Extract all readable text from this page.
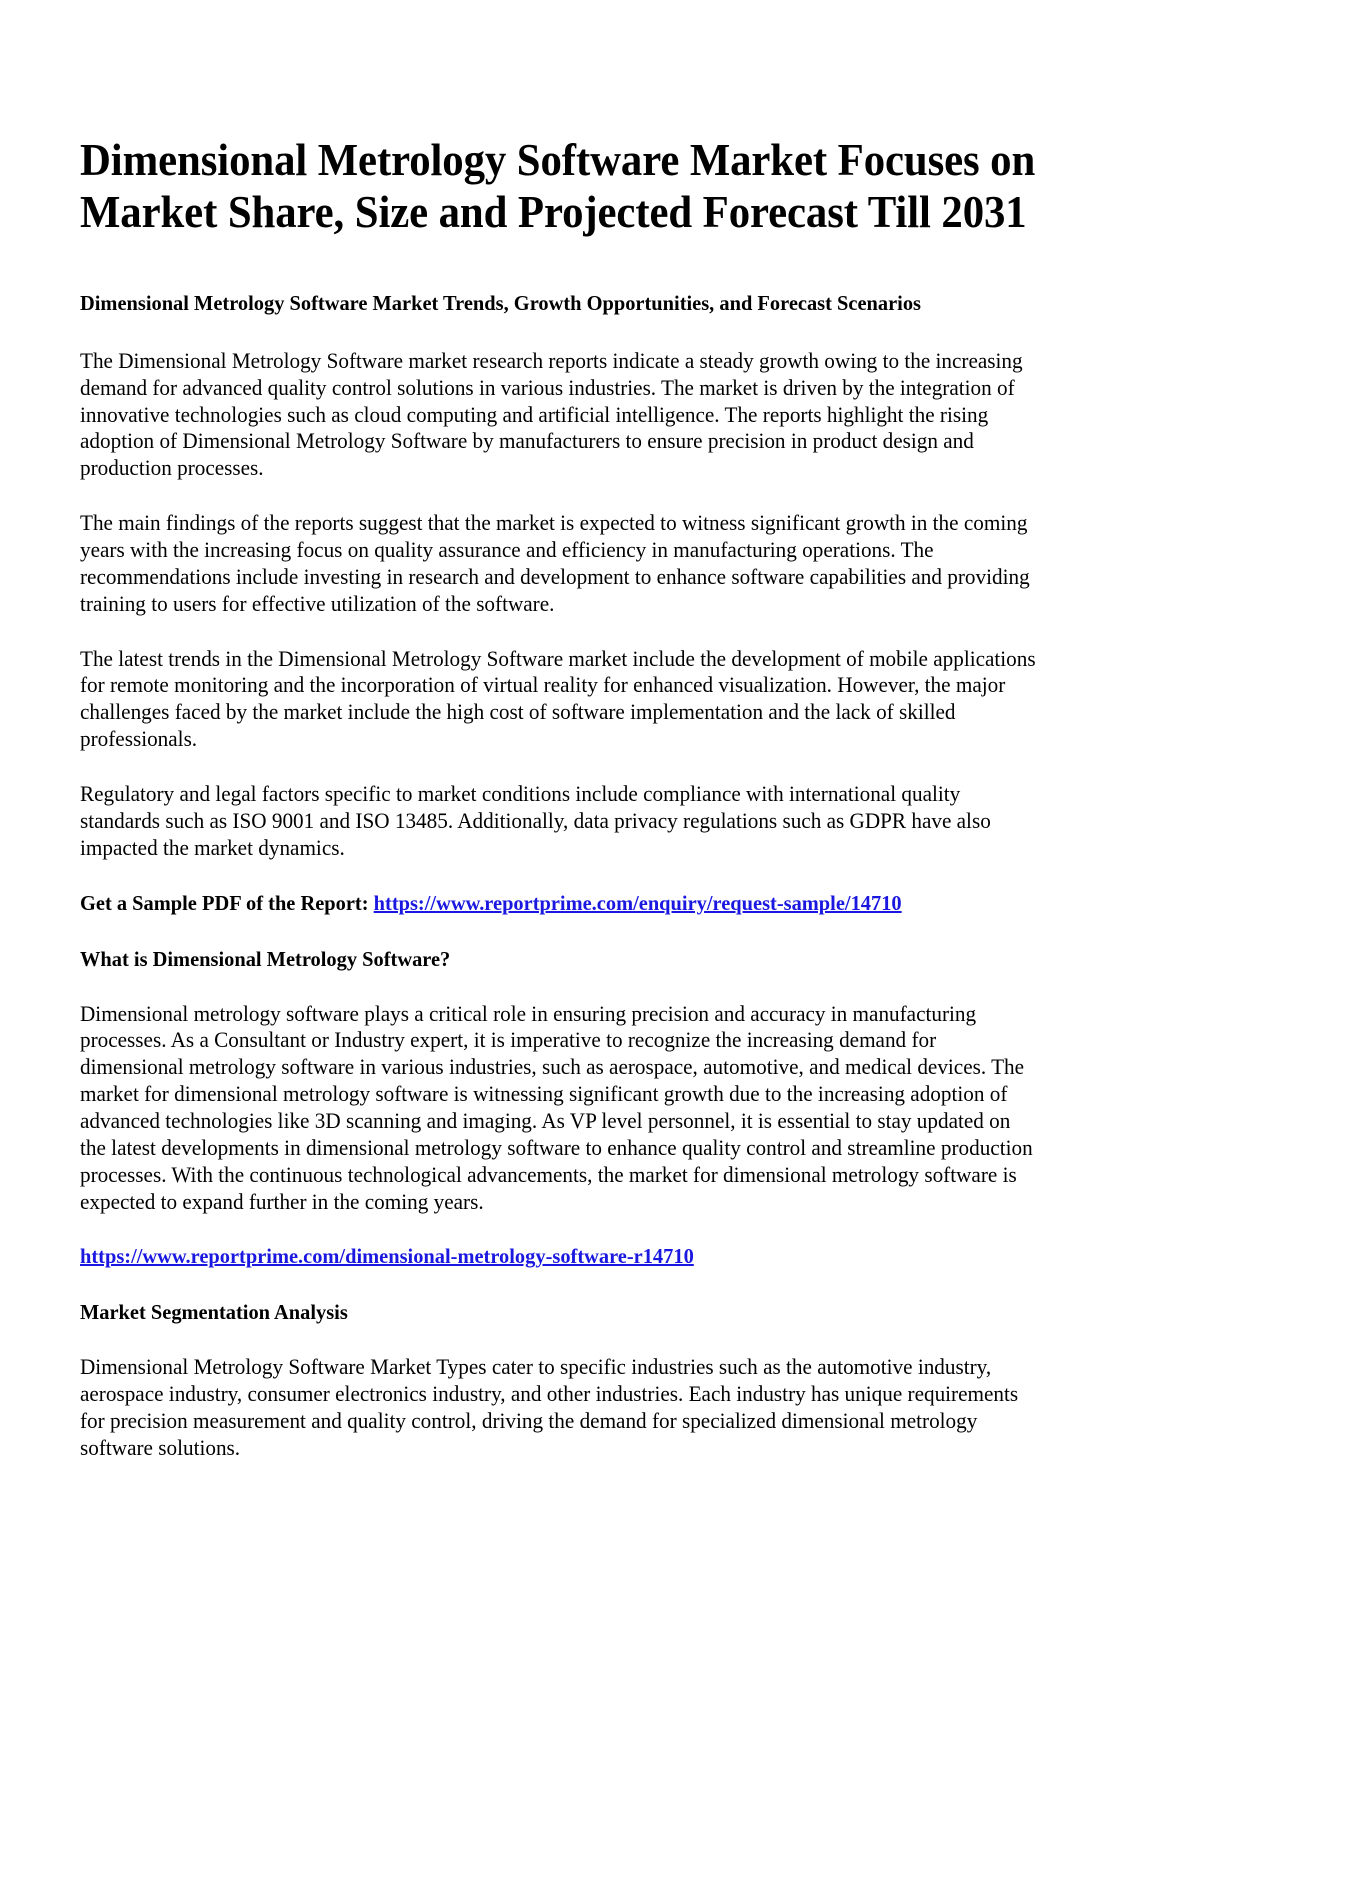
Dimensional Metrology Software Market Focuses on Market Share, Size and Projected Forecast Till 2031
Dimensional Metrology Software Market Trends, Growth Opportunities, and Forecast Scenarios

The Dimensional Metrology Software market research reports indicate a steady growth owing to the increasing demand for advanced quality control solutions in various industries. The market is driven by the integration of innovative technologies such as cloud computing and artificial intelligence. The reports highlight the rising adoption of Dimensional Metrology Software by manufacturers to ensure precision in product design and production processes.

The main findings of the reports suggest that the market is expected to witness significant growth in the coming years with the increasing focus on quality assurance and efficiency in manufacturing operations. The recommendations include investing in research and development to enhance software capabilities and providing training to users for effective utilization of the software.

The latest trends in the Dimensional Metrology Software market include the development of mobile applications for remote monitoring and the incorporation of virtual reality for enhanced visualization. However, the major challenges faced by the market include the high cost of software implementation and the lack of skilled professionals.

Regulatory and legal factors specific to market conditions include compliance with international quality standards such as ISO 9001 and ISO 13485. Additionally, data privacy regulations such as GDPR have also impacted the market dynamics.

Get a Sample PDF of the Report: https://www.reportprime.com/enquiry/request-sample/14710

What is Dimensional Metrology Software?

Dimensional metrology software plays a critical role in ensuring precision and accuracy in manufacturing processes. As a Consultant or Industry expert, it is imperative to recognize the increasing demand for dimensional metrology software in various industries, such as aerospace, automotive, and medical devices. The market for dimensional metrology software is witnessing significant growth due to the increasing adoption of advanced technologies like 3D scanning and imaging. As VP level personnel, it is essential to stay updated on the latest developments in dimensional metrology software to enhance quality control and streamline production processes. With the continuous technological advancements, the market for dimensional metrology software is expected to expand further in the coming years.

https://www.reportprime.com/dimensional-metrology-software-r14710

Market Segmentation Analysis

Dimensional Metrology Software Market Types cater to specific industries such as the automotive industry, aerospace industry, consumer electronics industry, and other industries. Each industry has unique requirements for precision measurement and quality control, driving the demand for specialized dimensional metrology software solutions.
